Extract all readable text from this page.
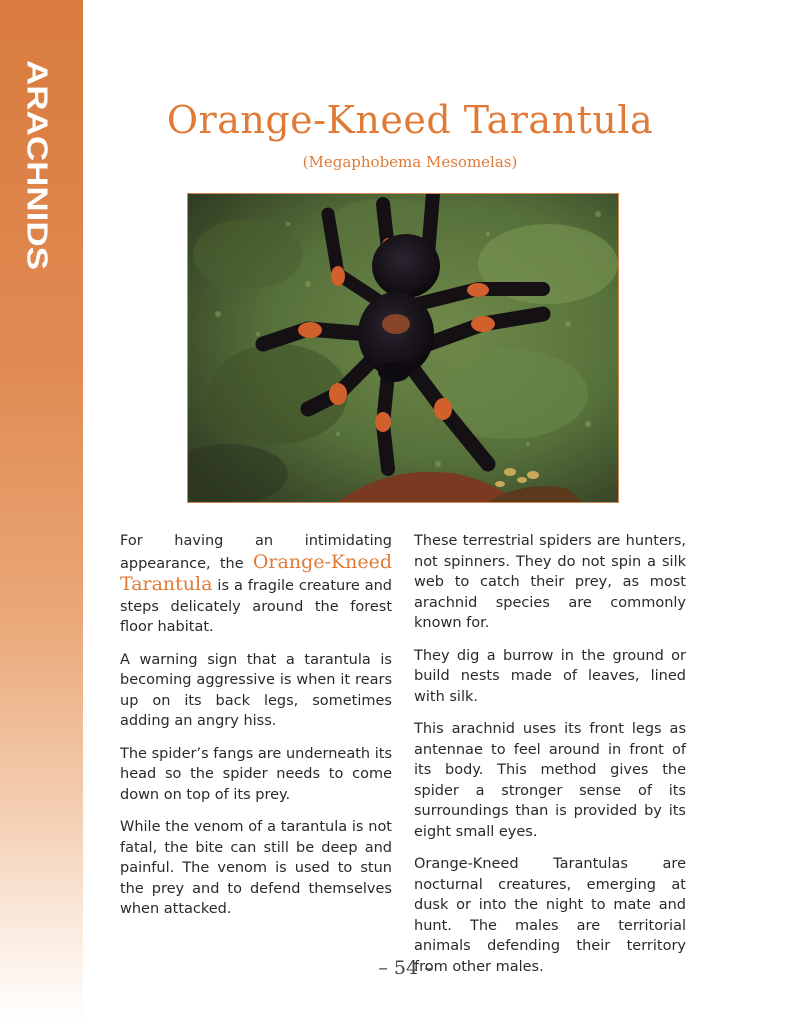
ARACHNIDS	Orange-Kneed Tarantula
(Megaphobema Mesomelas)

For having an intimidating appearance, the Orange-Kneed Tarantula is a fragile creature and steps delicately around the forest floor habitat.

A warning sign that a tarantula is becoming aggressive is when it rears up on its back legs, sometimes adding an angry hiss.

The spider’s fangs are underneath its head so the spider needs to come down on top of its prey.

While the venom of a tarantula is not fatal, the bite can still be deep and painful. The venom is used to stun the prey and to defend themselves when attacked.

These terrestrial spiders are hunters, not spinners. They do not spin a silk web to catch their prey, as most arachnid species are commonly known for.

They dig a burrow in the ground or build nests made of leaves, lined with silk.

This arachnid uses its front legs as antennae to feel around in front of its body. This method gives the spider a stronger sense of its surroundings than is provided by its eight small eyes.

Orange-Kneed Tarantulas are nocturnal creatures, emerging at dusk or into the night to mate and hunt. The males are territorial animals defending their territory from other males.

– 54 –
